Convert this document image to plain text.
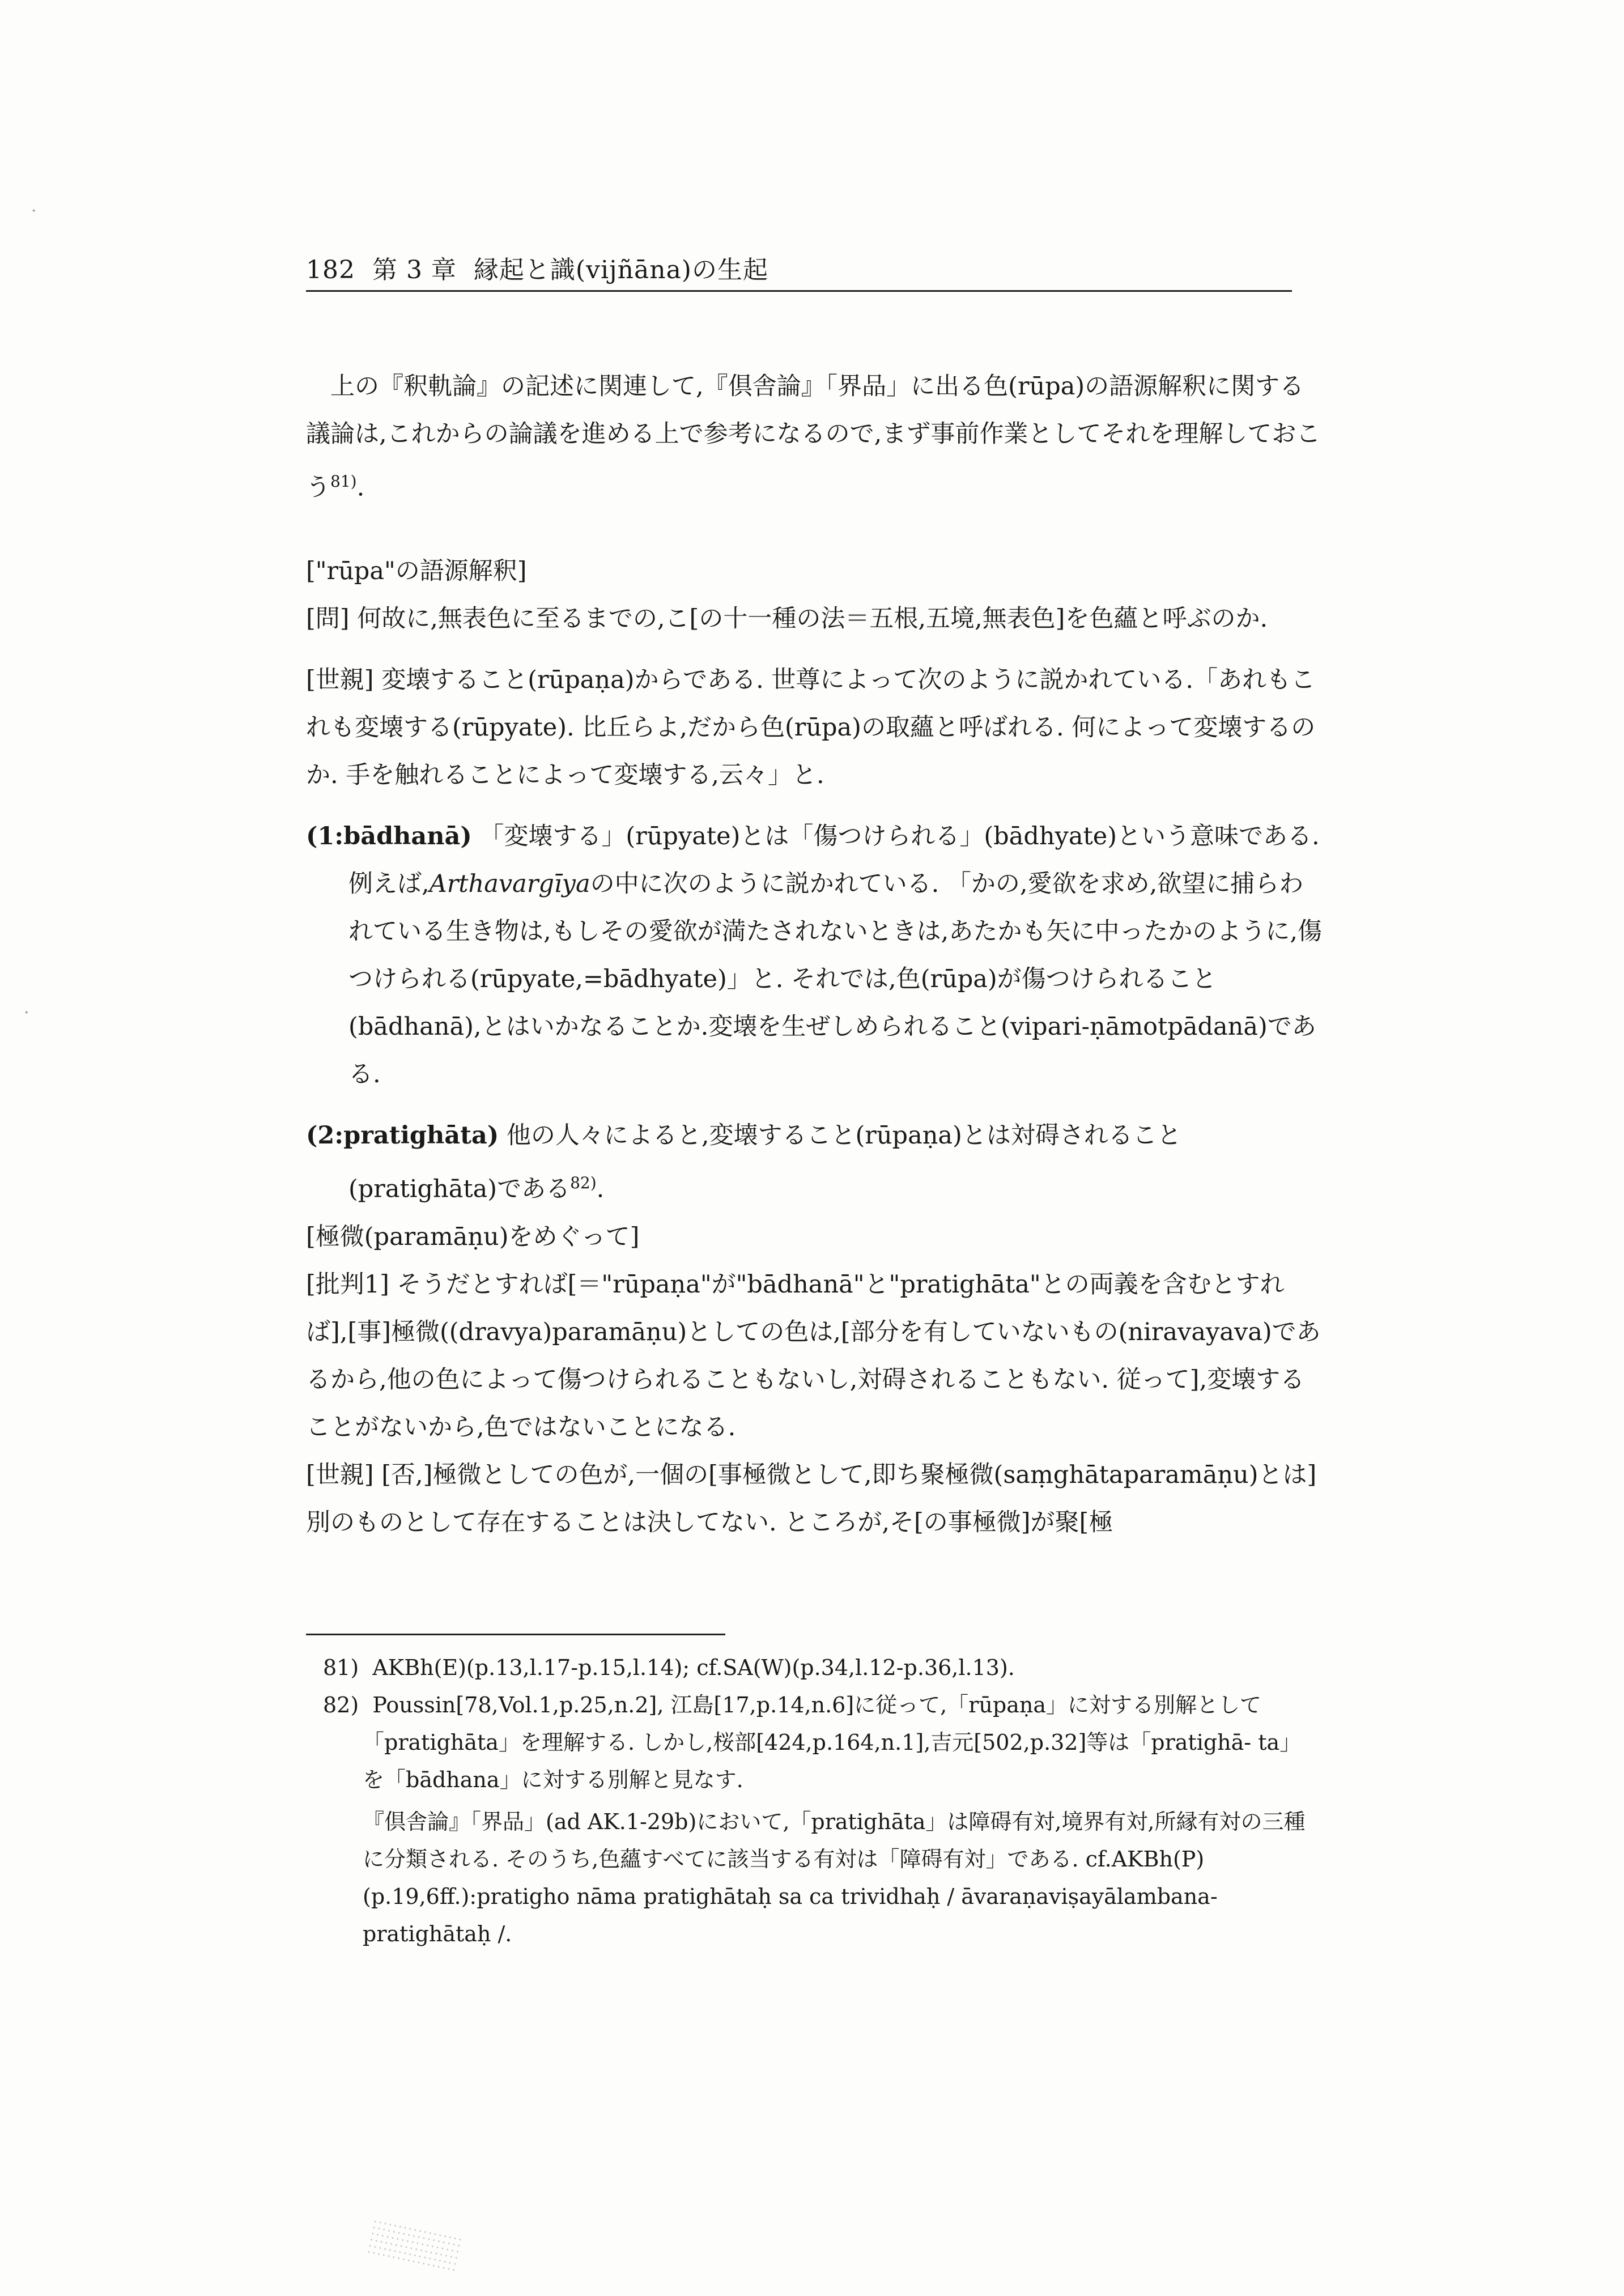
182 第 3 章 縁起と識(vijñāna)の生起

上の『釈軌論』の記述に関連して,『倶舎論』「界品」に出る色(rūpa)の語源解釈に関する議論は,これからの論議を進める上で参考になるので,まず事前作業としてそれを理解しておこう$^{81)}$.

["rūpa"の語源解釈]

[問] 何故に,無表色に至るまでの,こ[の十一種の法＝五根,五境,無表色]を色蘊と呼ぶのか.

[世親] 変壊すること(rūpaṇa)からである. 世尊によって次のように説かれている.「あれもこれも変壊する(rūpyate). 比丘らよ,だから色(rūpa)の取蘊と呼ばれる. 何によって変壊するのか. 手を触れることによって変壊する,云々」と.

(1:bādhanā) 「変壊する」(rūpyate)とは「傷つけられる」(bādhyate)という意味である. 例えば,Arthavargīyaの中に次のように説かれている. 「かの,愛欲を求め,欲望に捕らわれている生き物は,もしその愛欲が満たされないときは,あたかも矢に中ったかのように,傷つけられる(rūpyate,=bādhyate)」と. それでは,色(rūpa)が傷つけられること(bādhanā),とはいかなることか.変壊を生ぜしめられること(vipari-ṇāmotpādanā)である.

(2:pratighāta) 他の人々によると,変壊すること(rūpaṇa)とは対碍されること(pratighāta)である$^{82)}$.

[極微(paramāṇu)をめぐって]

[批判1] そうだとすれば[＝"rūpaṇa"が"bādhanā"と"pratighāta"との両義を含むとすれば],[事]極微((dravya)paramāṇu)としての色は,[部分を有していないもの(niravayava)であるから,他の色によって傷つけられることもないし,対碍されることもない. 従って],変壊することがないから,色ではないことになる.

[世親] [否,]極微としての色が,一個の[事極微として,即ち聚極微(saṃghātaparamāṇu)とは]別のものとして存在することは決してない. ところが,そ[の事極微]が聚[極

81) AKBh(E)(p.13,l.17-p.15,l.14); cf.SA(W)(p.34,l.12-p.36,l.13).

82) Poussin[78,Vol.1,p.25,n.2], 江島[17,p.14,n.6]に従って,「rūpaṇa」に対する別解として「pratighāta」を理解する. しかし,桜部[424,p.164,n.1],吉元[502,p.32]等は「pratighā- ta」を「bādhana」に対する別解と見なす.

『倶舎論』「界品」(ad AK.1-29b)において,「pratighāta」は障碍有対,境界有対,所縁有対の三種に分類される. そのうち,色蘊すべてに該当する有対は「障碍有対」である. cf.AKBh(P)(p.19,6ff.):pratigho nāma pratighātaḥ sa ca trividhaḥ / āvaraṇaviṣayālambana-pratighātaḥ /.

·
·
